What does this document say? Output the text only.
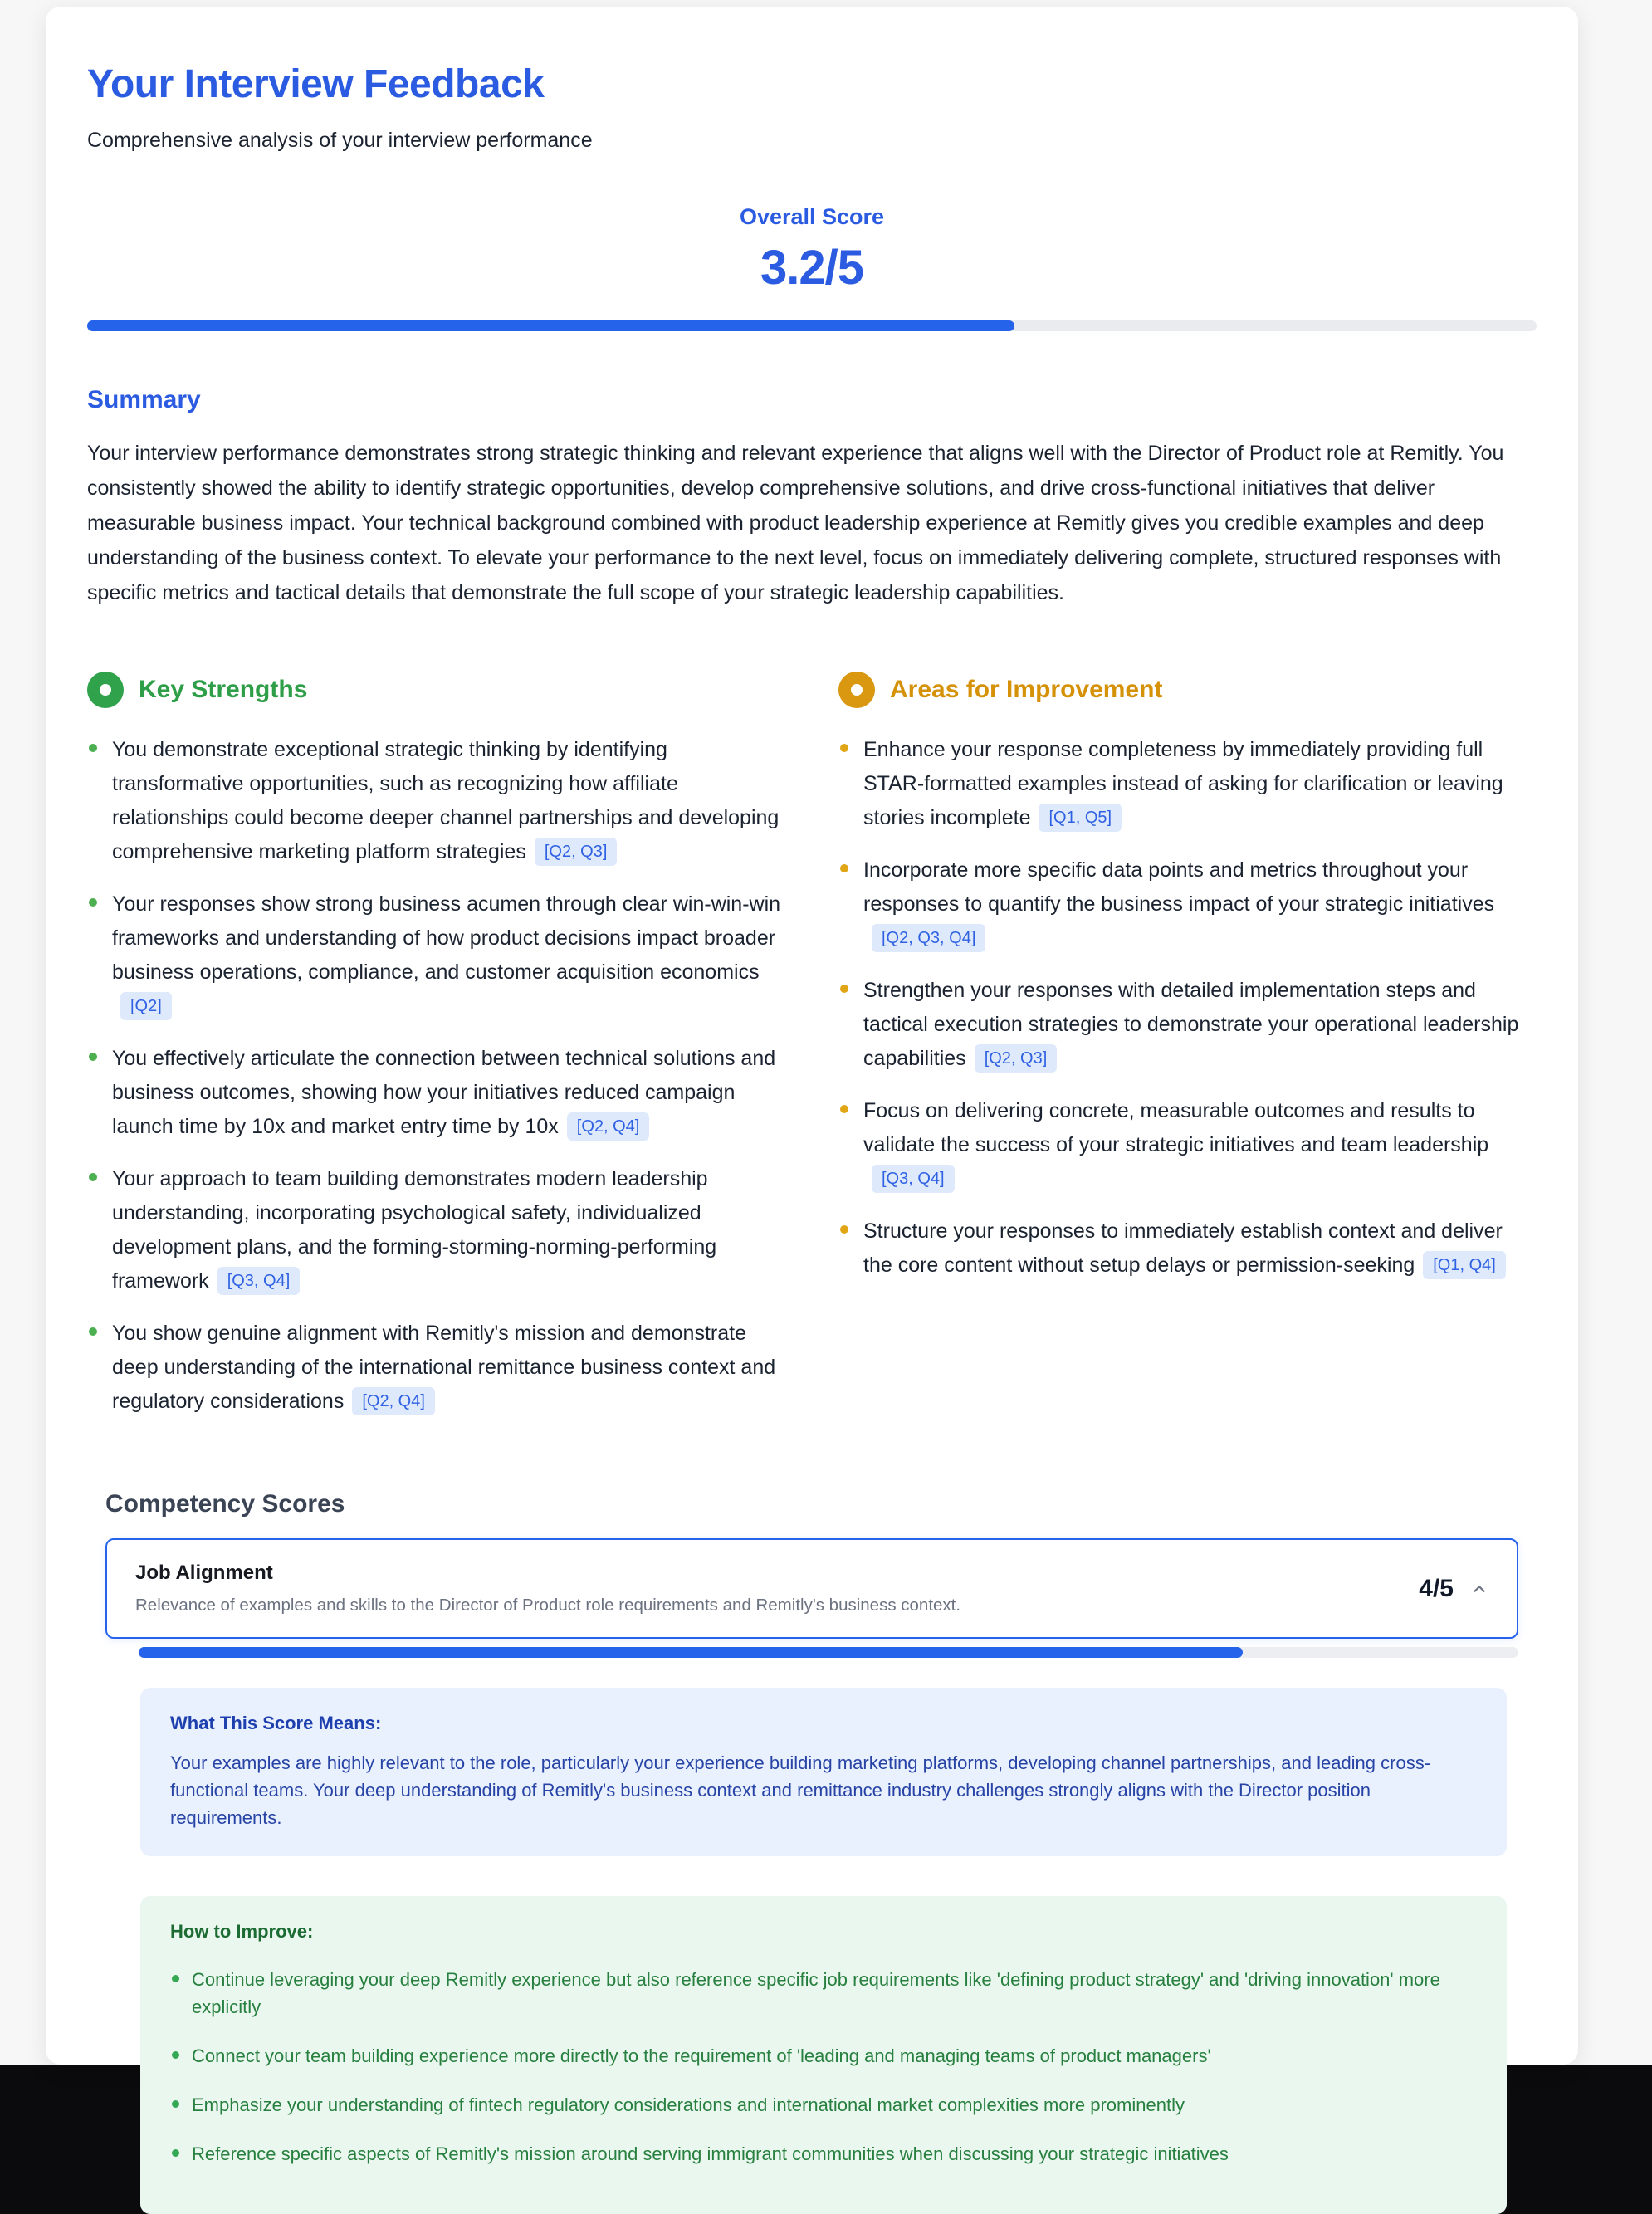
Your Interview Feedback
Comprehensive analysis of your interview performance
Overall Score
3.2/5
Summary
Your interview performance demonstrates strong strategic thinking and relevant experience that aligns well with the Director of Product role at Remitly. You consistently showed the ability to identify strategic opportunities, develop comprehensive solutions, and drive cross-functional initiatives that deliver measurable business impact. Your technical background combined with product leadership experience at Remitly gives you credible examples and deep understanding of the business context. To elevate your performance to the next level, focus on immediately delivering complete, structured responses with specific metrics and tactical details that demonstrate the full scope of your strategic leadership capabilities.
Key Strengths
You demonstrate exceptional strategic thinking by identifying transformative opportunities, such as recognizing how affiliate relationships could become deeper channel partnerships and developing comprehensive marketing platform strategies [Q2, Q3]
Your responses show strong business acumen through clear win-win-win frameworks and understanding of how product decisions impact broader business operations, compliance, and customer acquisition economics[Q2]
You effectively articulate the connection between technical solutions and business outcomes, showing how your initiatives reduced campaign launch time by 10x and market entry time by 10x [Q2, Q4]
Your approach to team building demonstrates modern leadership understanding, incorporating psychological safety, individualized development plans, and the forming-storming-norming-performing framework [Q3, Q4]
You show genuine alignment with Remitly's mission and demonstrate deep understanding of the international remittance business context and regulatory considerations [Q2, Q4]
Areas for Improvement
Enhance your response completeness by immediately providing full STAR-formatted examples instead of asking for clarification or leaving stories incomplete [Q1, Q5]
Incorporate more specific data points and metrics throughout your responses to quantify the business impact of your strategic initiatives[Q2, Q3, Q4]
Strengthen your responses with detailed implementation steps and tactical execution strategies to demonstrate your operational leadership capabilities [Q2, Q3]
Focus on delivering concrete, measurable outcomes and results to validate the success of your strategic initiatives and team leadership[Q3, Q4]
Structure your responses to immediately establish context and deliver the core content without setup delays or permission-seeking [Q1, Q4]
Competency Scores
Job Alignment
Relevance of examples and skills to the Director of Product role requirements and Remitly's business context.
4/5
What This Score Means:
Your examples are highly relevant to the role, particularly your experience building marketing platforms, developing channel partnerships, and leading cross-functional teams. Your deep understanding of Remitly's business context and remittance industry challenges strongly aligns with the Director position requirements.
How to Improve:
Continue leveraging your deep Remitly experience but also reference specific job requirements like 'defining product strategy' and 'driving innovation' more explicitly
Connect your team building experience more directly to the requirement of 'leading and managing teams of product managers'
Emphasize your understanding of fintech regulatory considerations and international market complexities more prominently
Reference specific aspects of Remitly's mission around serving immigrant communities when discussing your strategic initiatives
